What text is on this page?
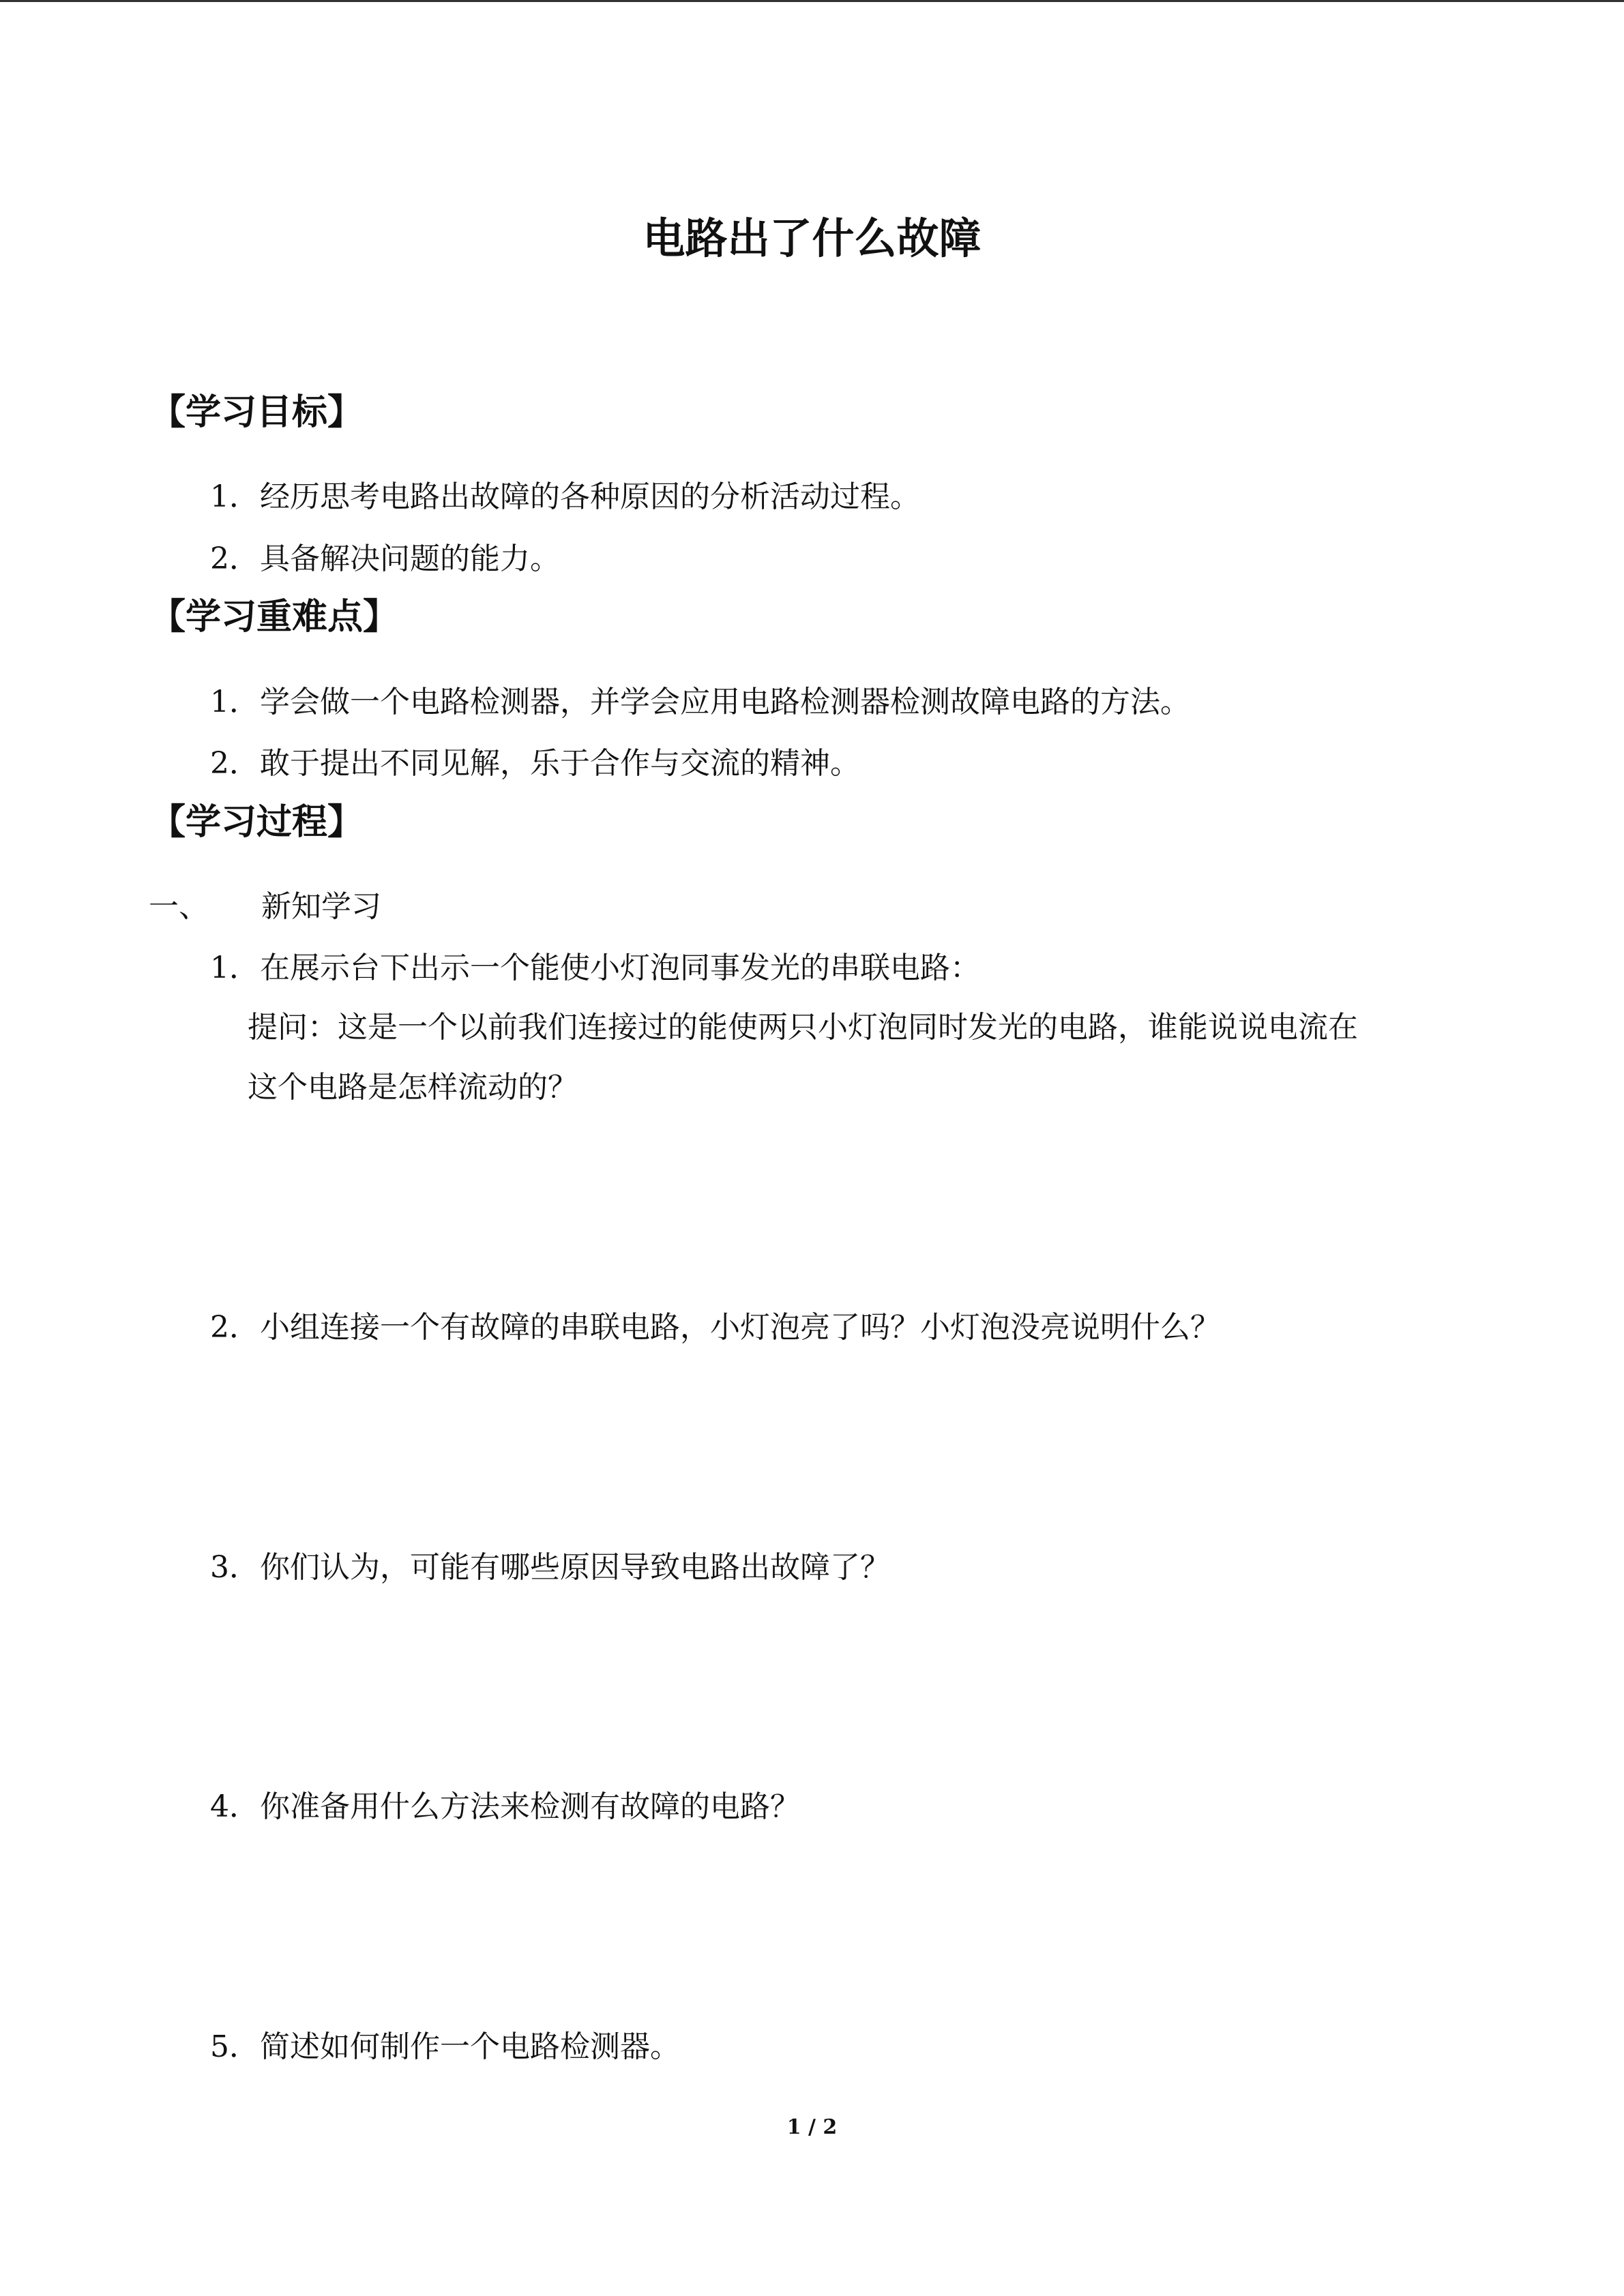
电路出了什么故障
【学习目标】
1．经历思考电路出故障的各种原因的分析活动过程。
2．具备解决问题的能力。
【学习重难点】
1．学会做一个电路检测器，并学会应用电路检测器检测故障电路的方法。
2．敢于提出不同见解，乐于合作与交流的精神。
【学习过程】
一、 新知学习
1．在展示台下出示一个能使小灯泡同事发光的串联电路：
提问：这是一个以前我们连接过的能使两只小灯泡同时发光的电路，谁能说说电流在
这个电路是怎样流动的？
2．小组连接一个有故障的串联电路，小灯泡亮了吗？小灯泡没亮说明什么？
3．你们认为，可能有哪些原因导致电路出故障了？
4．你准备用什么方法来检测有故障的电路？
5．简述如何制作一个电路检测器。
1 / 2
